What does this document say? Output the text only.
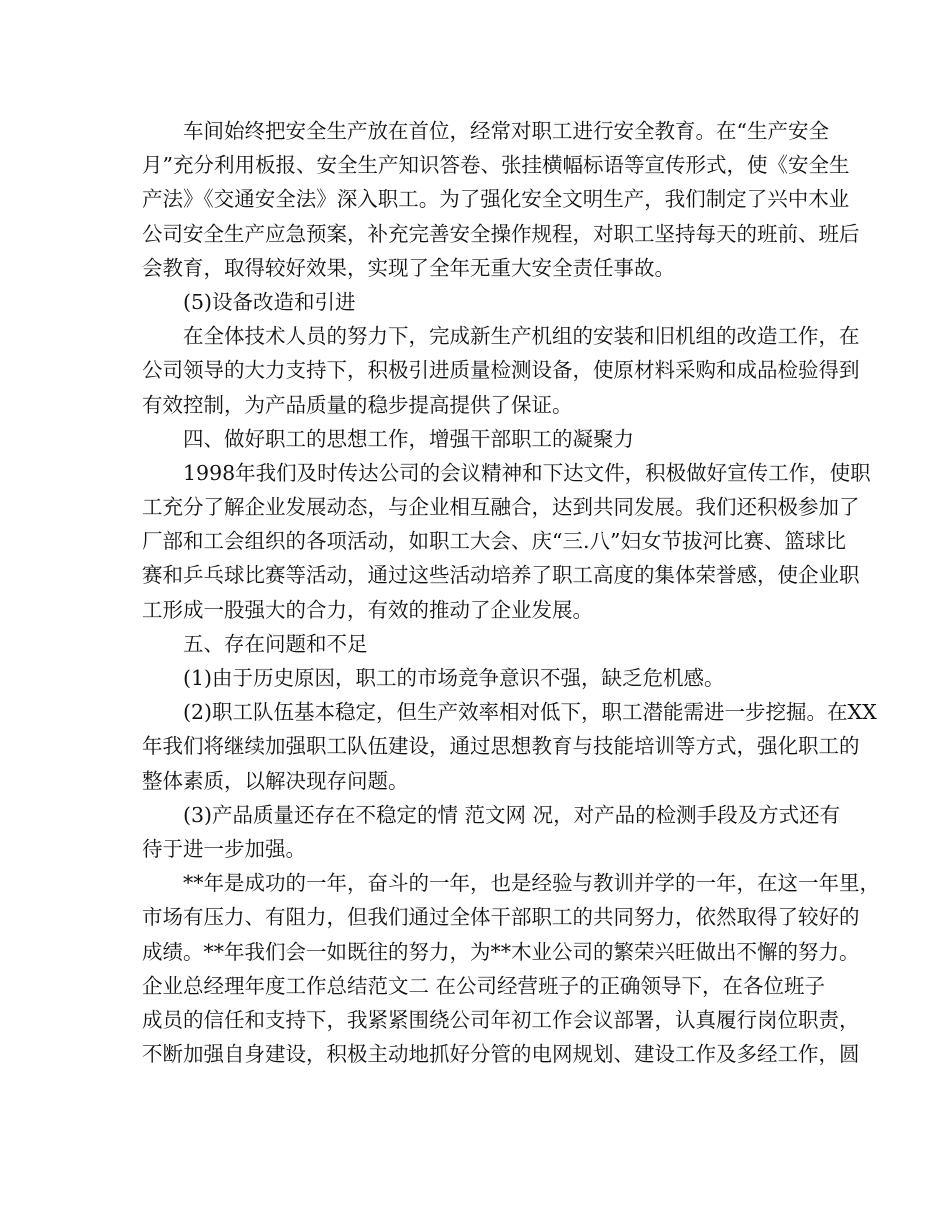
车间始终把安全生产放在首位，经常对职工进行安全教育。在“生产安全
月”充分利用板报、安全生产知识答卷、张挂横幅标语等宣传形式，使《安全生
产法》《交通安全法》深入职工。为了强化安全文明生产，我们制定了兴中木业
公司安全生产应急预案，补充完善安全操作规程，对职工坚持每天的班前、班后
会教育，取得较好效果，实现了全年无重大安全责任事故。
(5)设备改造和引进
在全体技术人员的努力下，完成新生产机组的安装和旧机组的改造工作，在
公司领导的大力支持下，积极引进质量检测设备，使原材料采购和成品检验得到
有效控制，为产品质量的稳步提高提供了保证。
四、做好职工的思想工作，增强干部职工的凝聚力
1998年我们及时传达公司的会议精神和下达文件，积极做好宣传工作，使职
工充分了解企业发展动态，与企业相互融合，达到共同发展。我们还积极参加了
厂部和工会组织的各项活动，如职工大会、庆“三.八”妇女节拔河比赛、篮球比
赛和乒乓球比赛等活动，通过这些活动培养了职工高度的集体荣誉感，使企业职
工形成一股强大的合力，有效的推动了企业发展。
五、存在问题和不足
(1)由于历史原因，职工的市场竞争意识不强，缺乏危机感。
(2)职工队伍基本稳定，但生产效率相对低下，职工潜能需进一步挖掘。在XX
年我们将继续加强职工队伍建设，通过思想教育与技能培训等方式，强化职工的
整体素质，以解决现存问题。
(3)产品质量还存在不稳定的情 范文网 况，对产品的检测手段及方式还有
待于进一步加强。
**年是成功的一年，奋斗的一年，也是经验与教训并学的一年，在这一年里，
市场有压力、有阻力，但我们通过全体干部职工的共同努力，依然取得了较好的
成绩。**年我们会一如既往的努力，为**木业公司的繁荣兴旺做出不懈的努力。
企业总经理年度工作总结范文二 在公司经营班子的正确领导下，在各位班子
成员的信任和支持下，我紧紧围绕公司年初工作会议部署，认真履行岗位职责，
不断加强自身建设，积极主动地抓好分管的电网规划、建设工作及多经工作，圆
